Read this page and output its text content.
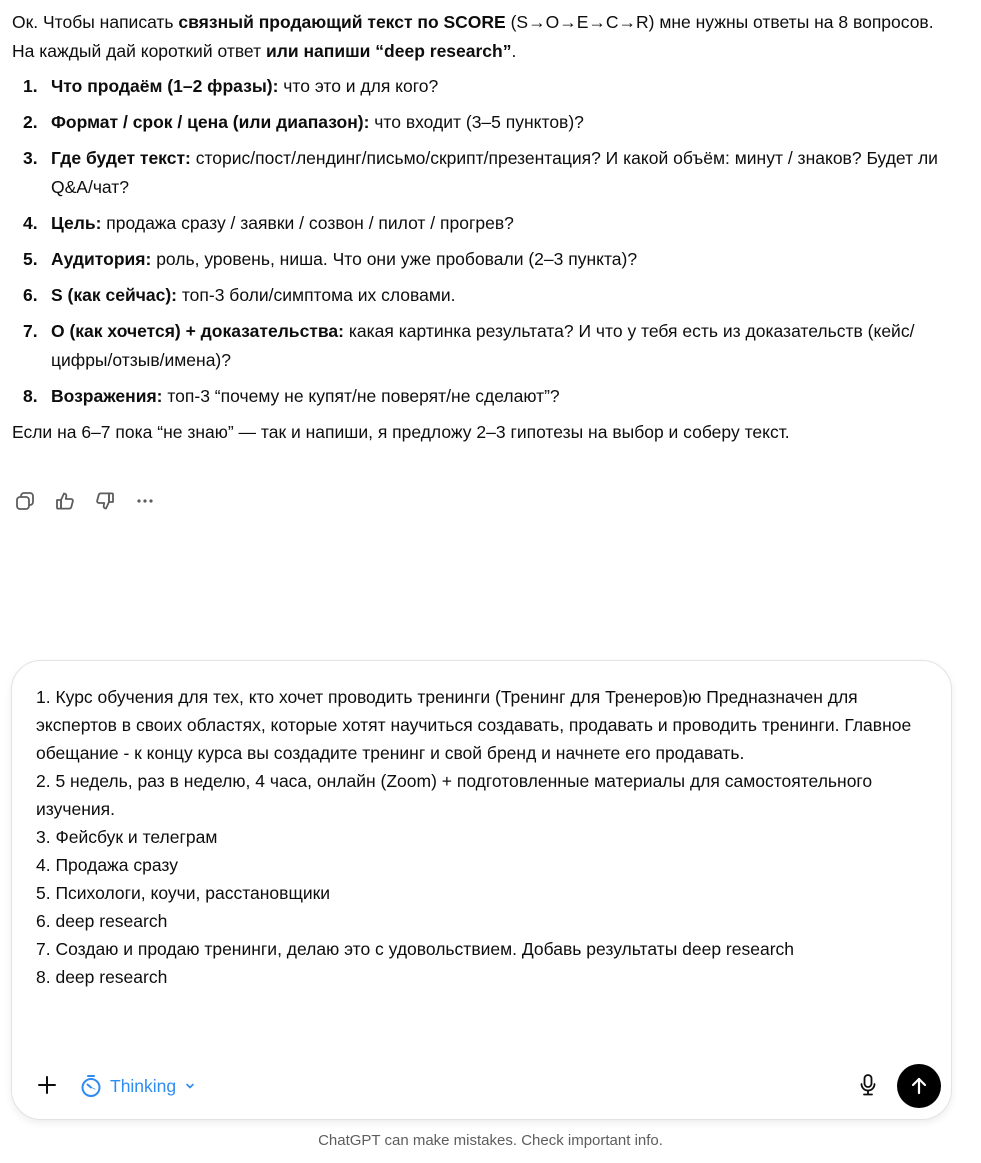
Ок. Чтобы написать связный продающий текст по SCORE (S→O→E→C→R) мне нужны ответы на 8 вопросов. На каждый дай короткий ответ или напиши “deep research”.

1. Что продаём (1–2 фразы): что это и для кого?
2. Формат / срок / цена (или диапазон): что входит (3–5 пунктов)?
3. Где будет текст: сторис/пост/лендинг/письмо/скрипт/презентация? И какой объём: минут / знаков? Будет ли Q&A/чат?
4. Цель: продажа сразу / заявки / созвон / пилот / прогрев?
5. Аудитория: роль, уровень, ниша. Что они уже пробовали (2–3 пункта)?
6. S (как сейчас): топ-3 боли/симптома их словами.
7. O (как хочется) + доказательства: какая картинка результата? И что у тебя есть из доказательств (кейс/цифры/отзыв/имена)?
8. Возражения: топ-3 “почему не купят/не поверят/не сделают”?

Если на 6–7 пока “не знаю” — так и напиши, я предложу 2–3 гипотезы на выбор и соберу текст.

1. Курс обучения для тех, кто хочет проводить тренинги (Тренинг для Тренеров)ю Предназначен для экспертов в своих областях, которые хотят научиться создавать, продавать и проводить тренинги. Главное обещание - к концу курса вы создадите тренинг и свой бренд и начнете его продавать. 2. 5 недель, раз в неделю, 4 часа, онлайн (Zoom) + подготовленные материалы для самостоятельного изучения. 3. Фейсбук и телеграм 4. Продажа сразу 5. Психологи, коучи, расстановщики 6. deep research 7. Создаю и продаю тренинги, делаю это с удовольствием. Добавь результаты deep research 8. deep research
Thinking
ChatGPT can make mistakes. Check important info.
